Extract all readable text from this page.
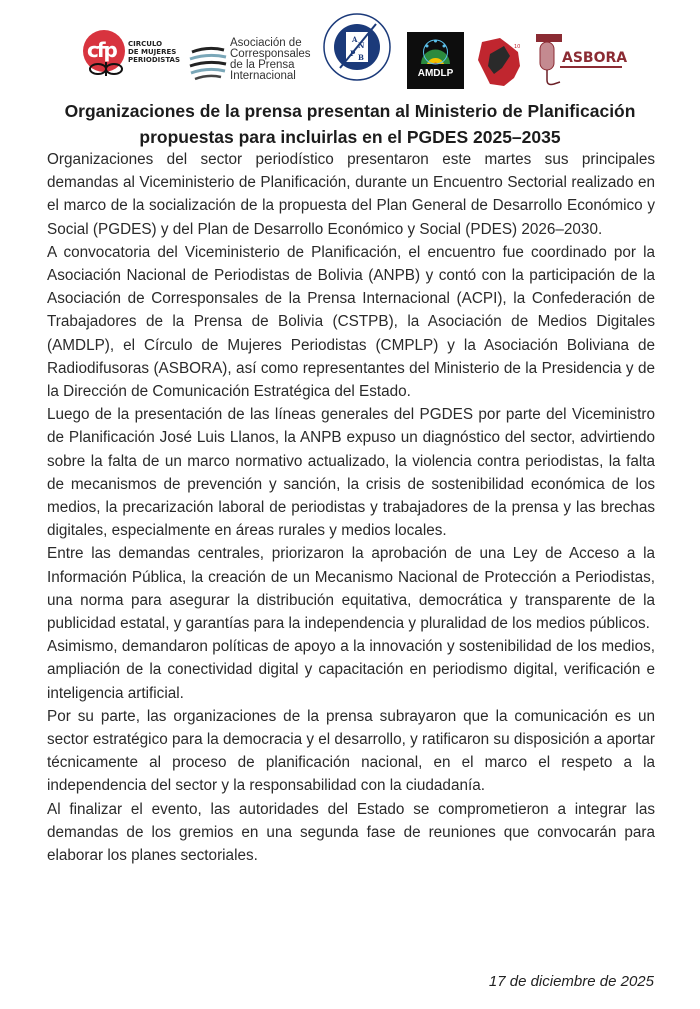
cfp CIRCULO
DE MUJERES
PERIODISTAS
Asociación de
Corresponsales
de la Prensa
Internacional
A
N
P B
AMDLP
10
ASBORA
Organizaciones de la prensa presentan al Ministerio de Planificación propuestas para incluirlas en el PGDES 2025–2035

Organizaciones del sector periodístico presentaron este martes sus principales demandas al Viceministerio de Planificación, durante un Encuentro Sectorial realizado en el marco de la socialización de la propuesta del Plan General de Desarrollo Económico y Social (PGDES) y del Plan de Desarrollo Económico y Social (PDES) 2026–2030.

A convocatoria del Viceministerio de Planificación, el encuentro fue coordinado por la Asociación Nacional de Periodistas de Bolivia (ANPB) y contó con la participación de la Asociación de Corresponsales de la Prensa Internacional (ACPI), la Confederación de Trabajadores de la Prensa de Bolivia (CSTPB), la Asociación de Medios Digitales (AMDLP), el Círculo de Mujeres Periodistas (CMPLP) y la Asociación Boliviana de Radiodifusoras (ASBORA), así como representantes del Ministerio de la Presidencia y de la Dirección de Comunicación Estratégica del Estado.

Luego de la presentación de las líneas generales del PGDES por parte del Viceministro de Planificación José Luis Llanos, la ANPB expuso un diagnóstico del sector, advirtiendo sobre la falta de un marco normativo actualizado, la violencia contra periodistas, la falta de mecanismos de prevención y sanción, la crisis de sostenibilidad económica de los medios, la precarización laboral de periodistas y trabajadores de la prensa y las brechas digitales, especialmente en áreas rurales y medios locales.

Entre las demandas centrales, priorizaron la aprobación de una Ley de Acceso a la Información Pública, la creación de un Mecanismo Nacional de Protección a Periodistas, una norma para asegurar la distribución equitativa, democrática y transparente de la publicidad estatal, y garantías para la independencia y pluralidad de los medios públicos.

Asimismo, demandaron políticas de apoyo a la innovación y sostenibilidad de los medios, ampliación de la conectividad digital y capacitación en periodismo digital, verificación e inteligencia artificial.

Por su parte, las organizaciones de la prensa subrayaron que la comunicación es un sector estratégico para la democracia y el desarrollo, y ratificaron su disposición a aportar técnicamente al proceso de planificación nacional, en el marco el respeto a la independencia del sector y la responsabilidad con la ciudadanía.

Al finalizar el evento, las autoridades del Estado se comprometieron a integrar las demandas de los gremios en una segunda fase de reuniones que convocarán para elaborar los planes sectoriales.

17 de diciembre de 2025
